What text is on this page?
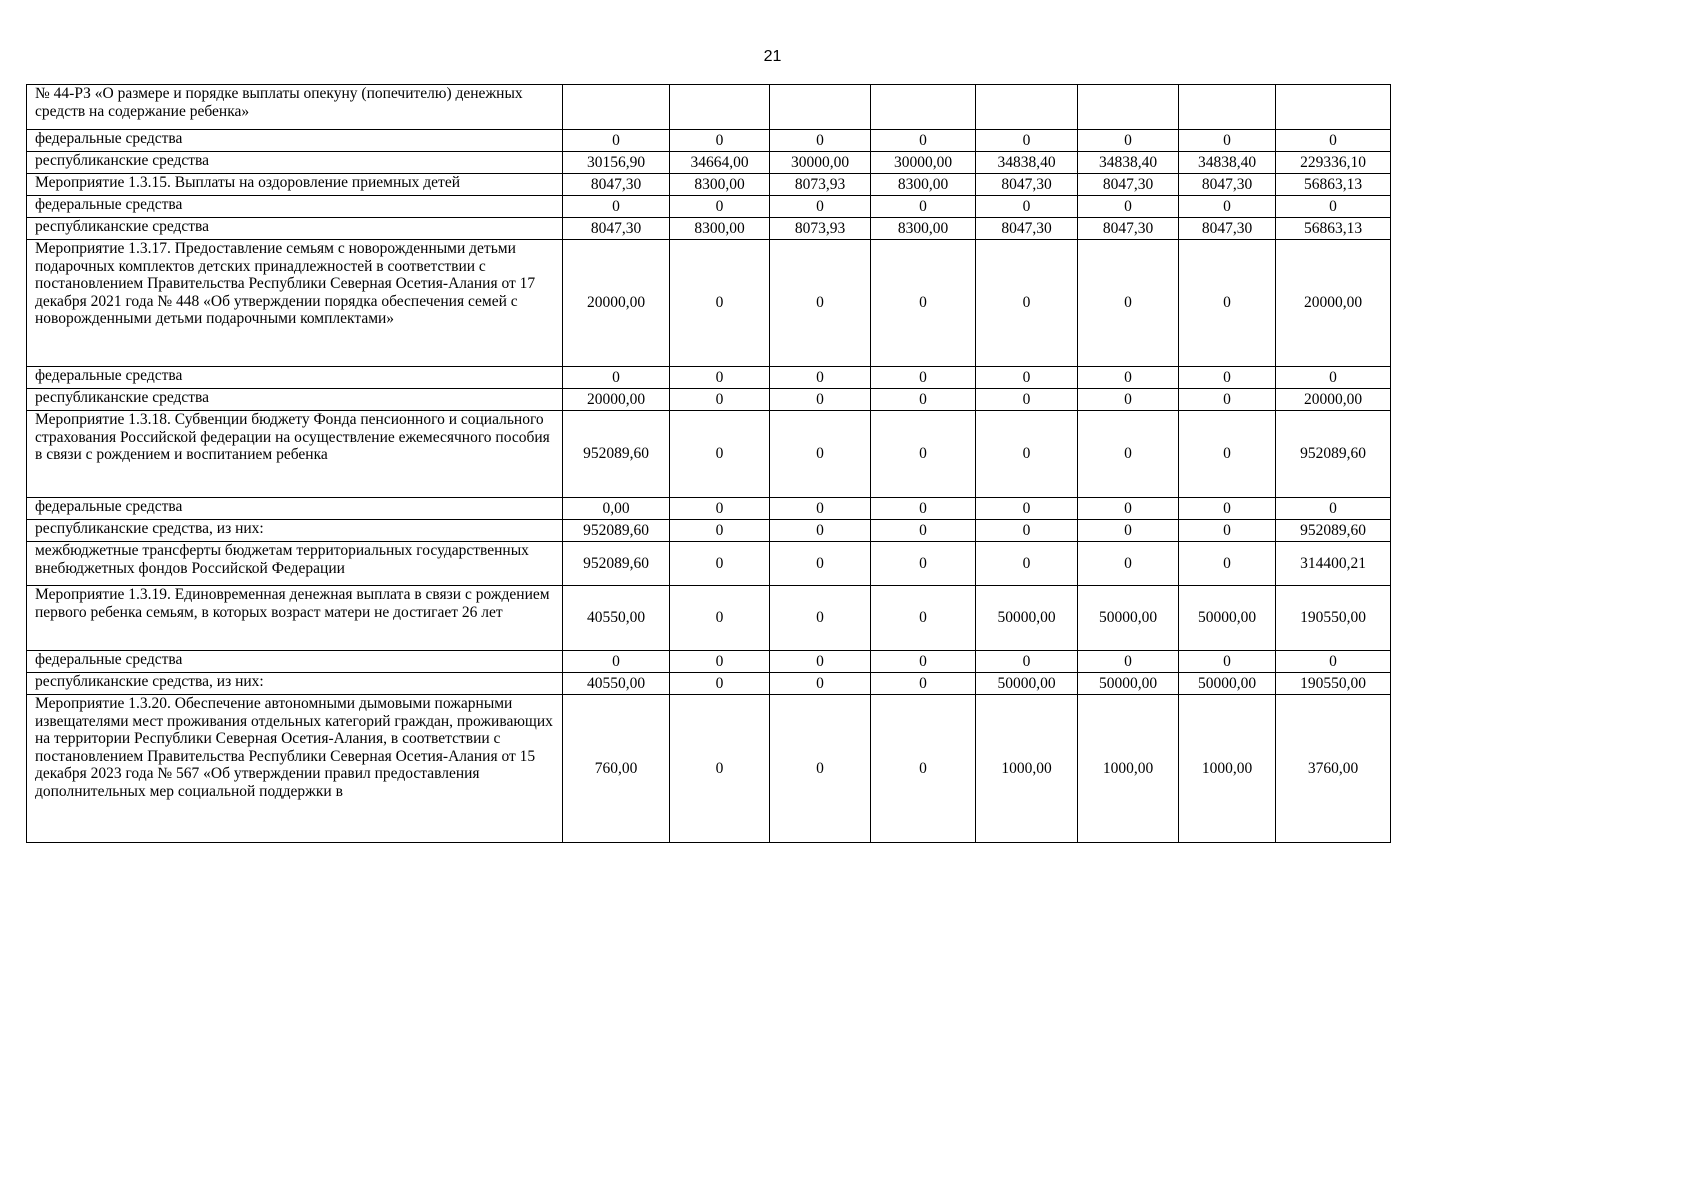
21
№ 44-РЗ «О размере и порядке выплаты опекуну (попечителю) денежных средств на содержание ребенка»								
федеральные средства	0	0	0	0	0	0	0	0
республиканские средства	30156,90	34664,00	30000,00	30000,00	34838,40	34838,40	34838,40	229336,10
Мероприятие 1.3.15. Выплаты на оздоровление приемных детей	8047,30	8300,00	8073,93	8300,00	8047,30	8047,30	8047,30	56863,13
федеральные средства	0	0	0	0	0	0	0	0
республиканские средства	8047,30	8300,00	8073,93	8300,00	8047,30	8047,30	8047,30	56863,13
Мероприятие 1.3.17. Предоставление семьям с новорожденными детьми подарочных комплектов детских принадлежностей в соответствии с постановлением Правительства Республики Северная Осетия-Алания от 17 декабря 2021 года № 448 «Об утверждении порядка обеспечения семей с новорожденными детьми подарочными комплектами»	20000,00	0	0	0	0	0	0	20000,00
федеральные средства	0	0	0	0	0	0	0	0
республиканские средства	20000,00	0	0	0	0	0	0	20000,00
Мероприятие 1.3.18. Субвенции бюджету Фонда пенсионного и социального страхования Российской федерации на осуществление ежемесячного пособия в связи с рождением и воспитанием ребенка	952089,60	0	0	0	0	0	0	952089,60
федеральные средства	0,00	0	0	0	0	0	0	0
республиканские средства, из них:	952089,60	0	0	0	0	0	0	952089,60
межбюджетные трансферты бюджетам территориальных государственных внебюджетных фондов Российской Федерации	952089,60	0	0	0	0	0	0	314400,21
Мероприятие 1.3.19. Единовременная денежная выплата в связи с рождением первого ребенка семьям, в которых возраст матери не достигает 26 лет	40550,00	0	0	0	50000,00	50000,00	50000,00	190550,00
федеральные средства	0	0	0	0	0	0	0	0
республиканские средства, из них:	40550,00	0	0	0	50000,00	50000,00	50000,00	190550,00
Мероприятие 1.3.20. Обеспечение автономными дымовыми пожарными извещателями мест проживания отдельных категорий граждан, проживающих на территории Республики Северная Осетия-Алания, в соответствии с постановлением Правительства Республики Северная Осетия-Алания от 15 декабря 2023 года № 567 «Об утверждении правил предоставления дополнительных мер социальной поддержки в	760,00	0	0	0	1000,00	1000,00	1000,00	3760,00
